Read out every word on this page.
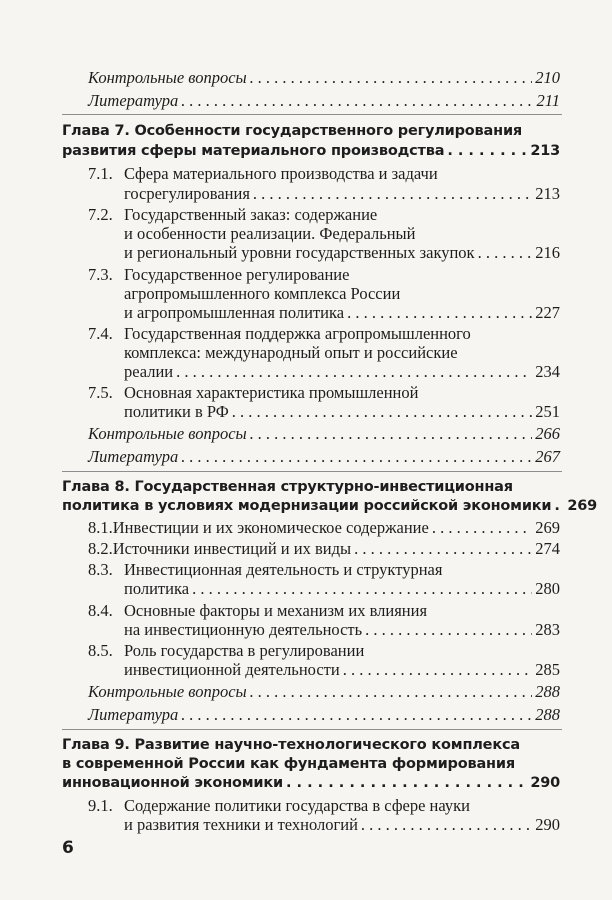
Контрольные вопросы . . .	210
Литература . . .	211
Глава 7. Особенности государственного регулирования
развития сферы материального производства . . .	213
7.1. Сфера материального производства и задачи
госрегулирования . . .	213
7.2. Государственный заказ: содержание
и особенности реализации. Федеральный
и региональный уровни государственных закупок . . .	216
7.3. Государственное регулирование
агропромышленного комплекса России
и агропромышленная политика . . .	227
7.4. Государственная поддержка агропромышленного
комплекса: международный опыт и российские
реалии . . .	234
7.5. Основная характеристика промышленной
политики в РФ . . .	251
Контрольные вопросы . . .	266
Литература . . .	267
Глава 8. Государственная структурно-инвестиционная
политика в условиях модернизации российской экономики . . . 269
8.1. Инвестиции и их экономическое содержание . . .	269
8.2. Источники инвестиций и их виды . . .	274
8.3. Инвестиционная деятельность и структурная
политика . . .	280
8.4. Основные факторы и механизм их влияния
на инвестиционную деятельность . . .	283
8.5. Роль государства в регулировании
инвестиционной деятельности . . .	285
Контрольные вопросы . . .	288
Литература . . .	288
Глава 9. Развитие научно-технологического комплекса
в современной России как фундамента формирования
инновационной экономики . . .	290
9.1. Содержание политики государства в сфере науки
и развития техники и технологий . . .	290
6
